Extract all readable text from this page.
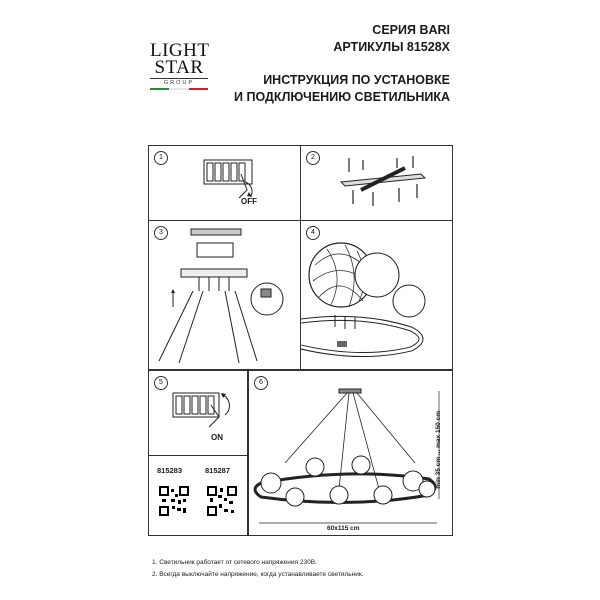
LIGHT
STAR
GROUP
СЕРИЯ BARI
АРТИКУЛЫ 81528X
ИНСТРУКЦИЯ ПО УСТАНОВКЕ
И ПОДКЛЮЧЕНИЮ СВЕТИЛЬНИКА
1
OFF
2
3	4
5
ON
815283	815287
6
min 35 cm ... max 150 cm
60x115 cm
1. Светильник работает от сетевого напряжения 230В.
2. Всегда выключайте напряжение, когда устанавливаете светильник.
